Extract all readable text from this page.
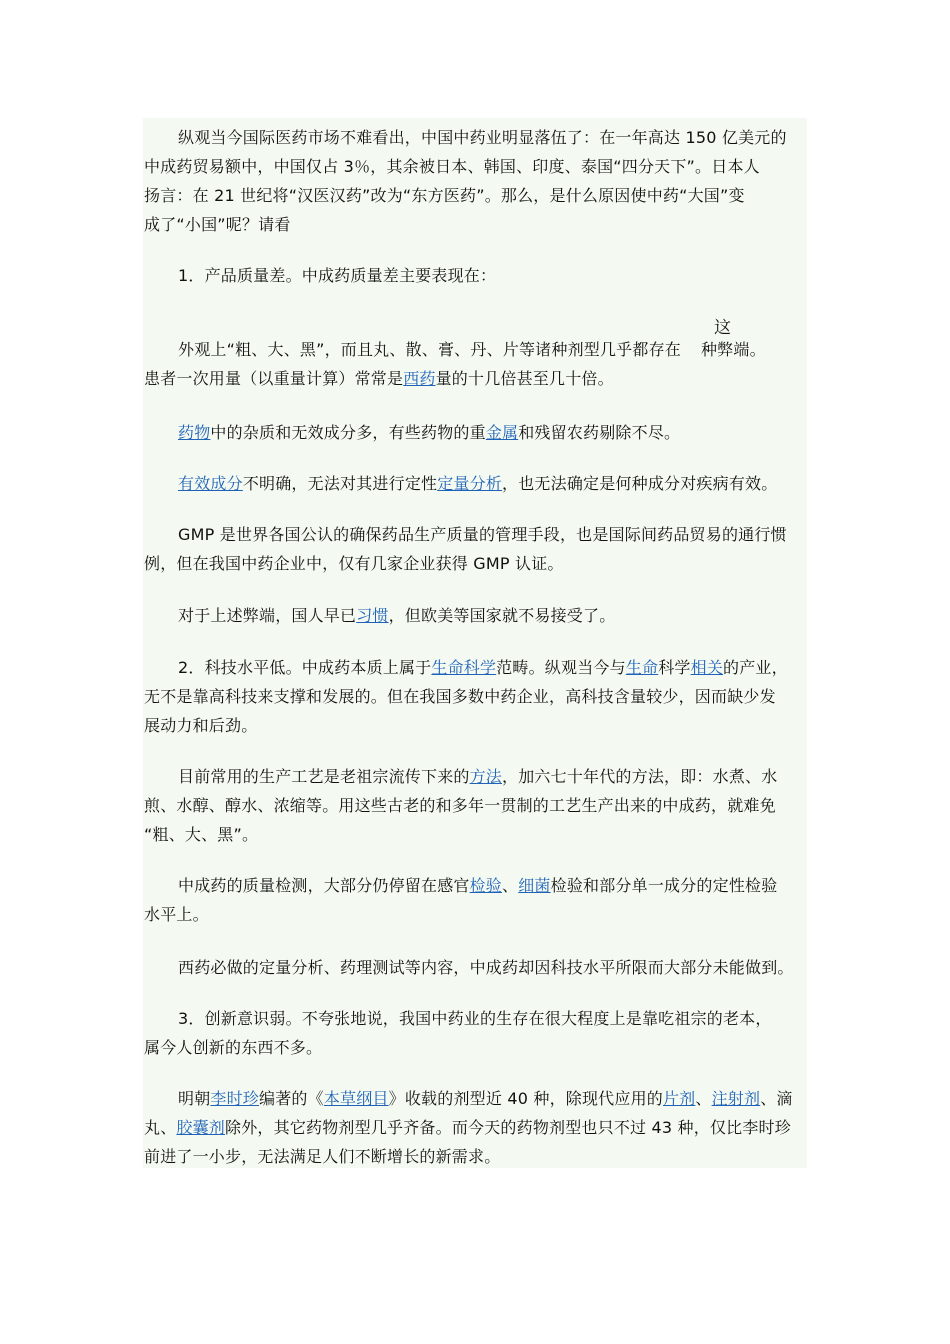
纵观当今国际医药市场不难看出，中国中药业明显落伍了：在一年高达 150 亿美元的
中成药贸易额中，中国仅占 3％，其余被日本、韩国、印度、泰国“四分天下”。日本人
扬言：在 21 世纪将“汉医汉药”改为“东方医药”。那么，是什么原因使中药“大国”变
成了“小国”呢？请看

1．产品质量差。中成药质量差主要表现在：

这

外观上“粗、大、黑”，而且丸、散、膏、丹、片等诸种剂型几乎都存在 种弊端。
患者一次用量（以重量计算）常常是西药量的十几倍甚至几十倍。

药物中的杂质和无效成分多，有些药物的重金属和残留农药剔除不尽。

有效成分不明确，无法对其进行定性定量分析，也无法确定是何种成分对疾病有效。

GMP 是世界各国公认的确保药品生产质量的管理手段，也是国际间药品贸易的通行惯
例，但在我国中药企业中，仅有几家企业获得 GMP 认证。

对于上述弊端，国人早已习惯，但欧美等国家就不易接受了。

2．科技水平低。中成药本质上属于生命科学范畴。纵观当今与生命科学相关的产业，
无不是靠高科技来支撑和发展的。但在我国多数中药企业，高科技含量较少，因而缺少发
展动力和后劲。

目前常用的生产工艺是老祖宗流传下来的方法，加六七十年代的方法，即：水煮、水
煎、水醇、醇水、浓缩等。用这些古老的和多年一贯制的工艺生产出来的中成药，就难免
“粗、大、黑”。

中成药的质量检测，大部分仍停留在感官检验、细菌检验和部分单一成分的定性检验
水平上。

西药必做的定量分析、药理测试等内容，中成药却因科技水平所限而大部分未能做到。

3．创新意识弱。不夸张地说，我国中药业的生存在很大程度上是靠吃祖宗的老本，
属今人创新的东西不多。

明朝李时珍编著的《本草纲目》收载的剂型近 40 种，除现代应用的片剂、注射剂、滴
丸、胶囊剂除外，其它药物剂型几乎齐备。而今天的药物剂型也只不过 43 种，仅比李时珍
前进了一小步，无法满足人们不断增长的新需求。
